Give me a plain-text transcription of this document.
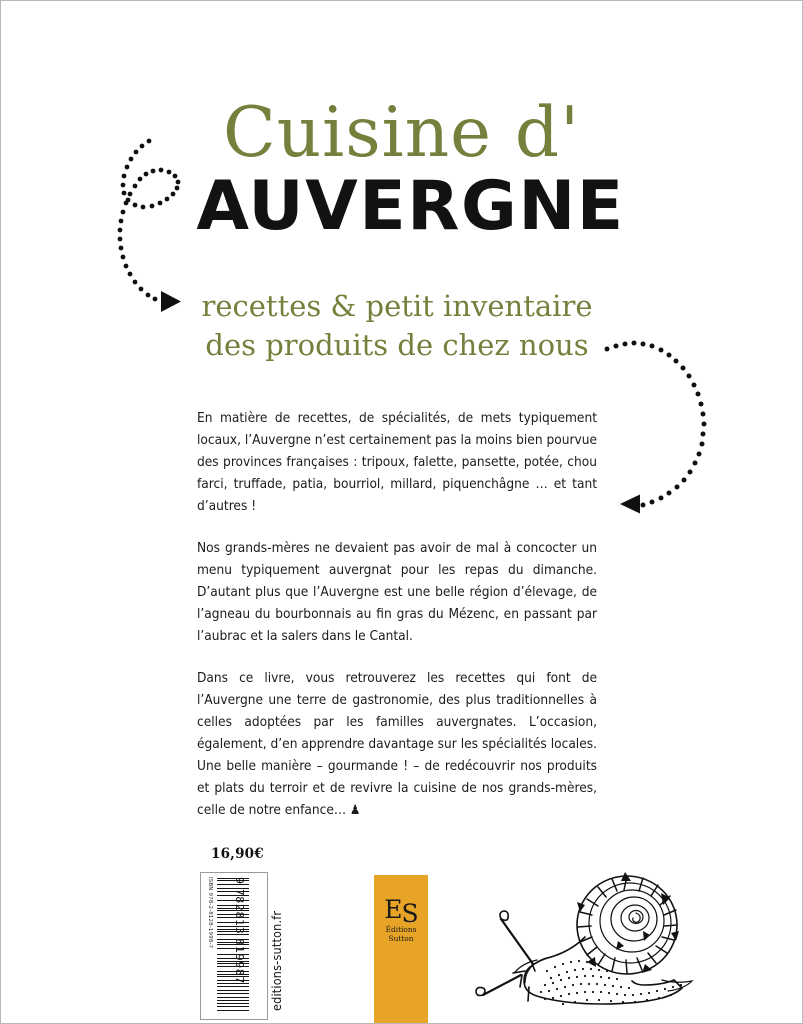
Cuisine d'
AUVERGNE
recettes & petit inventaire
des produits de chez nous

En matière de recettes, de spécialités, de mets typiquement locaux, l’Auvergne n’est certainement pas la moins bien pourvue des provinces françaises : tripoux, falette, pansette, potée, chou farci, truffade, patia, bourriol, millard, piquenchâgne … et tant d’autres !

Nos grands-mères ne devaient pas avoir de mal à concocter un menu typiquement auvergnat pour les repas du dimanche. D’autant plus que l’Auvergne est une belle région d’élevage, de l’agneau du bourbonnais au fin gras du Mézenc, en passant par l’aubrac et la salers dans le Cantal.

Dans ce livre, vous retrouverez les recettes qui font de l’Auvergne une terre de gastronomie, des plus traditionnelles à celles adoptées par les familles auvergnates. L’occasion, également, d’en apprendre davantage sur les spécialités locales. Une belle manière – gourmande ! – de redécouvrir nos produits et plats du terroir et de revivre la cuisine de nos grands-mères, celle de notre enfance… ♟

16,90€
ISBN 978-2-8128-1998-7	9 782813 819987 editions-sutton.fr
ES
Éditions
Sutton
